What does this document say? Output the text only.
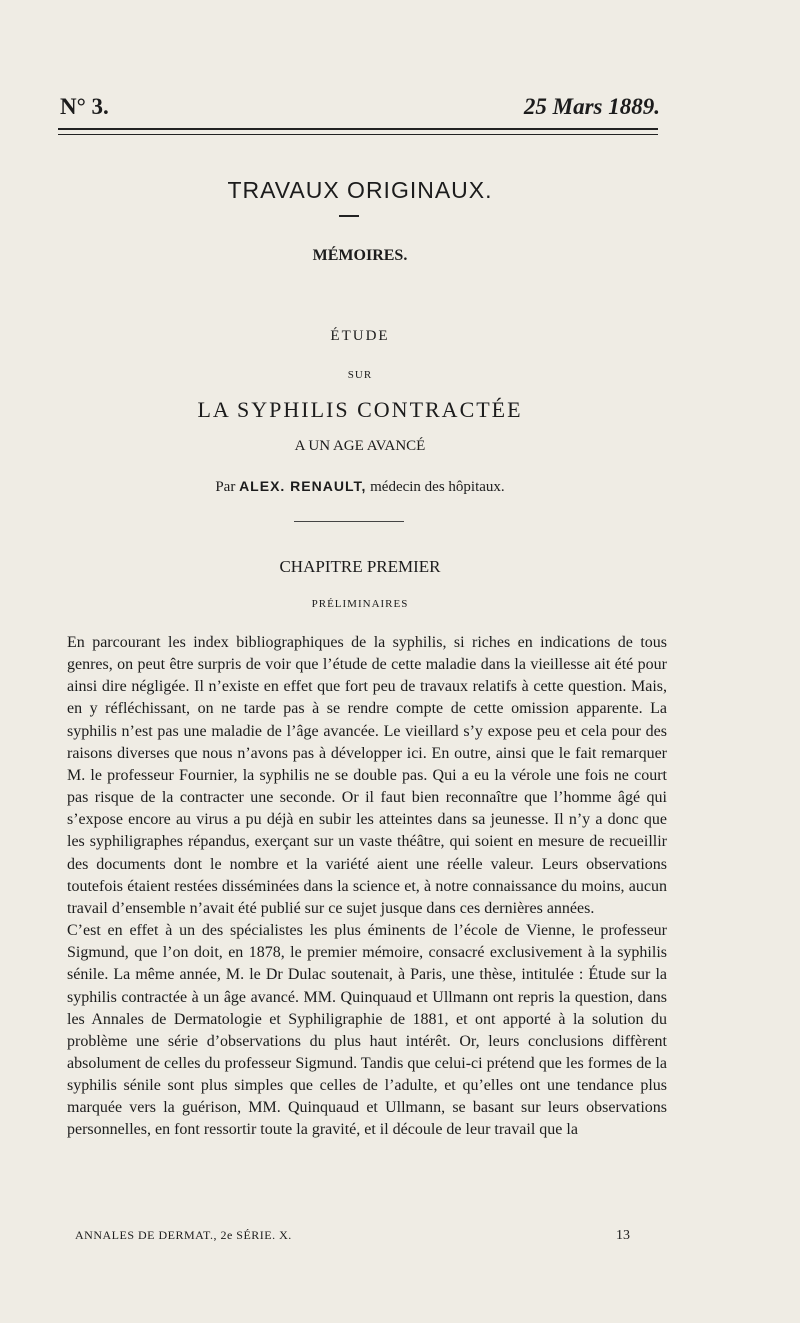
N° 3.	25 Mars 1889.
TRAVAUX ORIGINAUX.
MÉMOIRES.
ÉTUDE
SUR
LA SYPHILIS CONTRACTÉE
A UN AGE AVANCÉ
Par ALEX. RENAULT, médecin des hôpitaux.
CHAPITRE PREMIER
PRÉLIMINAIRES

En parcourant les index bibliographiques de la syphilis, si riches en indications de tous genres, on peut être surpris de voir que l’étude de cette maladie dans la vieillesse ait été pour ainsi dire négligée. Il n’existe en effet que fort peu de travaux relatifs à cette question. Mais, en y réfléchissant, on ne tarde pas à se rendre compte de cette omission apparente. La syphilis n’est pas une maladie de l’âge avancée. Le vieillard s’y expose peu et cela pour des raisons diverses que nous n’avons pas à développer ici. En outre, ainsi que le fait remarquer M. le professeur Fournier, la syphilis ne se double pas. Qui a eu la vérole une fois ne court pas risque de la contracter une seconde. Or il faut bien reconnaître que l’homme âgé qui s’expose encore au virus a pu déjà en subir les atteintes dans sa jeunesse. Il n’y a donc que les syphiligraphes répandus, exerçant sur un vaste théâtre, qui soient en mesure de recueillir des documents dont le nombre et la variété aient une réelle valeur. Leurs observations toutefois étaient restées disséminées dans la science et, à notre connaissance du moins, aucun travail d’ensemble n’avait été publié sur ce sujet jusque dans ces dernières années.

C’est en effet à un des spécialistes les plus éminents de l’école de Vienne, le professeur Sigmund, que l’on doit, en 1878, le premier mémoire, consacré exclusivement à la syphilis sénile. La même année, M. le Dr Dulac soutenait, à Paris, une thèse, intitulée : Étude sur la syphilis contractée à un âge avancé. MM. Quinquaud et Ullmann ont repris la question, dans les Annales de Dermatologie et Syphiligraphie de 1881, et ont apporté à la solution du problème une série d’observations du plus haut intérêt. Or, leurs conclusions diffèrent absolument de celles du professeur Sigmund. Tandis que celui-ci prétend que les formes de la syphilis sénile sont plus simples que celles de l’adulte, et qu’elles ont une tendance plus marquée vers la guérison, MM. Quinquaud et Ullmann, se basant sur leurs observations personnelles, en font ressortir toute la gravité, et il découle de leur travail que la

ANNALES DE DERMAT., 2e SÉRIE. X.	13
